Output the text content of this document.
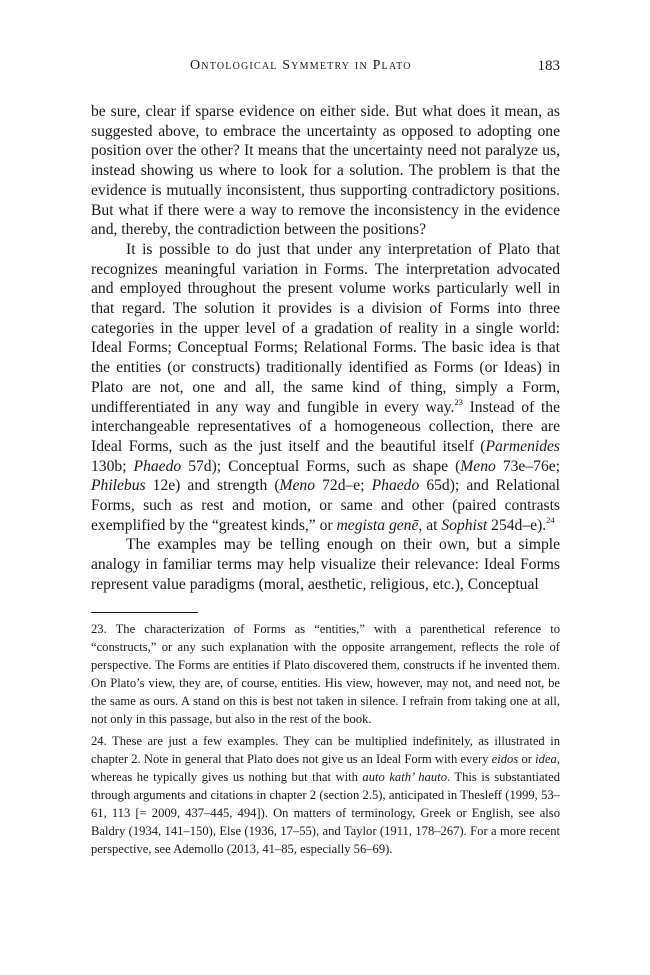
Ontological Symmetry in Plato	183

be sure, clear if sparse evidence on either side. But what does it mean, as suggested above, to embrace the uncertainty as opposed to adopting one position over the other? It means that the uncertainty need not paralyze us, instead showing us where to look for a solution. The problem is that the evidence is mutually inconsistent, thus supporting contradictory positions. But what if there were a way to remove the inconsistency in the evidence and, thereby, the contradiction between the positions?

It is possible to do just that under any interpretation of Plato that recognizes meaningful variation in Forms. The interpretation advocated and employed throughout the present volume works particularly well in that regard. The solution it provides is a division of Forms into three categories in the upper level of a gradation of reality in a single world: Ideal Forms; Conceptual Forms; Relational Forms. The basic idea is that the entities (or constructs) traditionally identified as Forms (or Ideas) in Plato are not, one and all, the same kind of thing, simply a Form, undifferentiated in any way and fungible in every way.$^{23}$ Instead of the interchangeable representatives of a homogeneous collection, there are Ideal Forms, such as the just itself and the beautiful itself (Parmenides 130b; Phaedo 57d); Conceptual Forms, such as shape (Meno 73e–76e; Philebus 12e) and strength (Meno 72d–e; Phaedo 65d); and Relational Forms, such as rest and motion, or same and other (paired contrasts exemplified by the “greatest kinds,” or megista genē, at Sophist 254d–e).$^{24}$

The examples may be telling enough on their own, but a simple analogy in familiar terms may help visualize their relevance: Ideal Forms represent value paradigms (moral, aesthetic, religious, etc.), Conceptual

23. The characterization of Forms as “entities,” with a parenthetical reference to “constructs,” or any such explanation with the opposite arrangement, reflects the role of perspective. The Forms are entities if Plato discovered them, constructs if he invented them. On Plato’s view, they are, of course, entities. His view, however, may not, and need not, be the same as ours. A stand on this is best not taken in silence. I refrain from taking one at all, not only in this passage, but also in the rest of the book.

24. These are just a few examples. They can be multiplied indefinitely, as illustrated in chapter 2. Note in general that Plato does not give us an Ideal Form with every eidos or idea, whereas he typically gives us nothing but that with auto kath’ hauto. This is substantiated through arguments and citations in chapter 2 (section 2.5), anticipated in Thesleff (1999, 53–61, 113 [= 2009, 437–445, 494]). On matters of terminology, Greek or English, see also Baldry (1934, 141–150), Else (1936, 17–55), and Taylor (1911, 178–267). For a more recent perspective, see Ademollo (2013, 41–85, especially 56–69).
